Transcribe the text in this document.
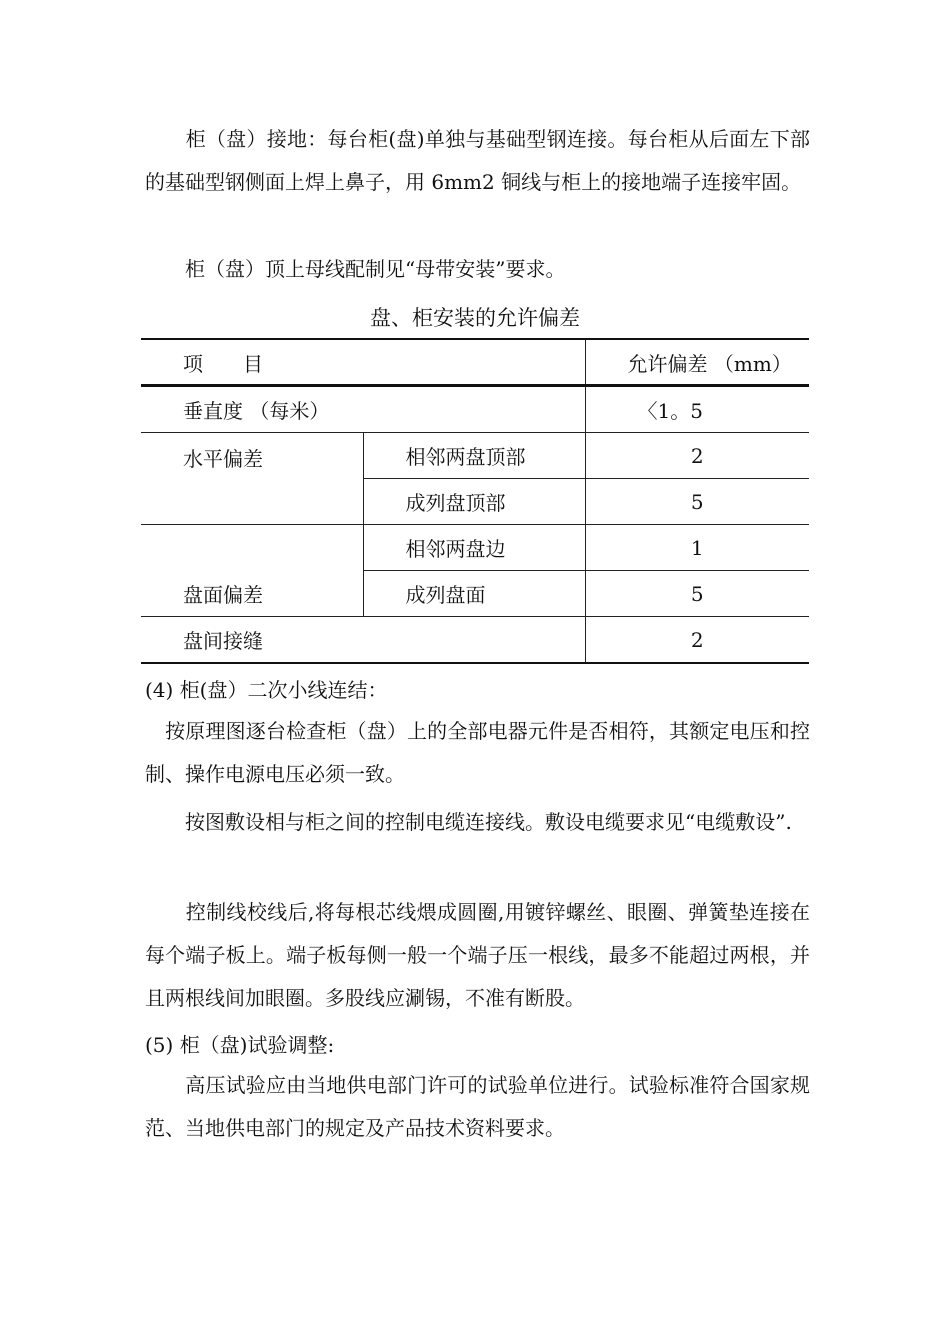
　　柜（盘）接地：每台柜(盘)单独与基础型钢连接。每台柜从后面左下部的基础型钢侧面上焊上鼻子，用 6mm2 铜线与柜上的接地端子连接牢固。

　　柜（盘）顶上母线配制见“母带安装”要求。

盘、柜安装的允许偏差
项　　目		允许偏差 （mm）
垂直度 （每米）		〈1。5
水平偏差	相邻两盘顶部	2
	成列盘顶部	5
盘面偏差	相邻两盘边	1
	成列盘面	5
盘间接缝		2
(4) 柜(盘）二次小线连结：

　按原理图逐台检查柜（盘）上的全部电器元件是否相符，其额定电压和控制、操作电源电压必须一致。

　　按图敷设相与柜之间的控制电缆连接线。敷设电缆要求见“电缆敷设”.

　　控制线校线后,将每根芯线煨成圆圈,用镀锌螺丝、眼圈、弹簧垫连接在每个端子板上。端子板每侧一般一个端子压一根线，最多不能超过两根，并且两根线间加眼圈。多股线应涮锡，不准有断股。

(5) 柜（盘)试验调整:

　　高压试验应由当地供电部门许可的试验单位进行。试验标准符合国家规范、当地供电部门的规定及产品技术资料要求。
